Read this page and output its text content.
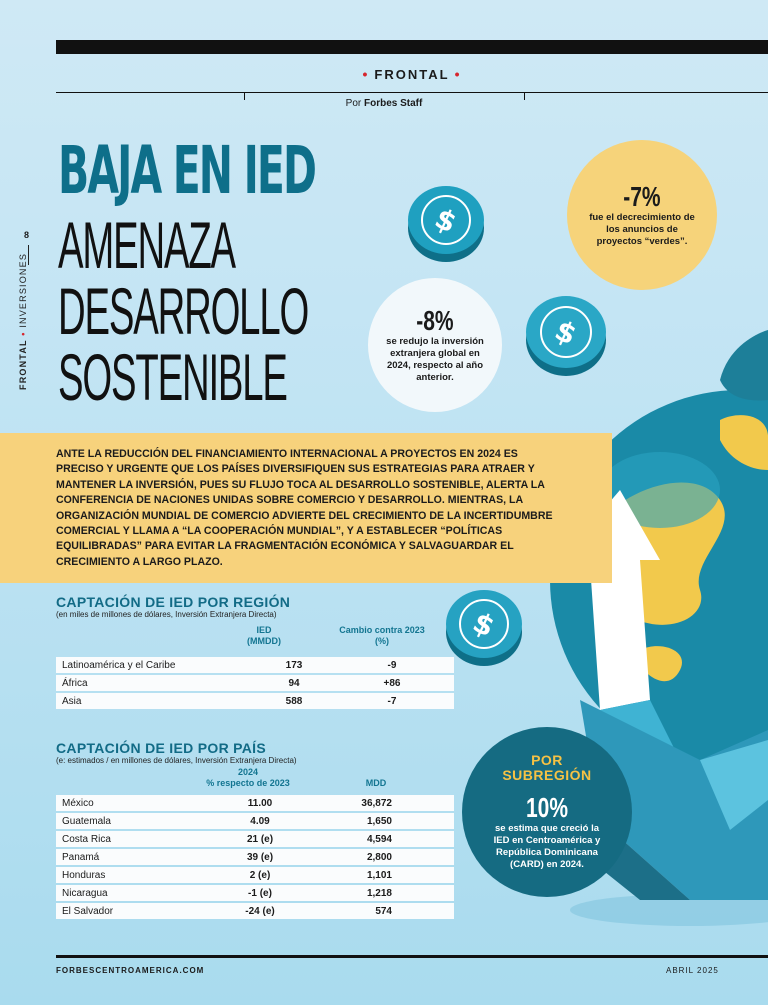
$
$
$
• FRONTAL •
Por Forbes Staff
8
FRONTAL • INVERSIONES
BAJA EN IED
AMENAZA
DESARROLLO
SOSTENIBLE
-7%
fue el decrecimiento de los anuncios de proyectos “verdes”.
-8%
se redujo la inversión extranjera global en 2024, respecto al año anterior.
POR
SUBREGIÓN
10%
se estima que creció la IED en Centroamérica y República Dominicana (CARD) en 2024.
ANTE LA REDUCCIÓN DEL FINANCIAMIENTO INTERNACIONAL A PROYECTOS EN 2024 ES PRECISO Y URGENTE QUE LOS PAÍSES DIVERSIFIQUEN SUS ESTRATEGIAS PARA ATRAER Y MANTENER LA INVERSIÓN, PUES SU FLUJO TOCA AL DESARROLLO SOSTENIBLE, ALERTA LA CONFERENCIA DE NACIONES UNIDAS SOBRE COMERCIO Y DESARROLLO. MIENTRAS, LA ORGANIZACIÓN MUNDIAL DE COMERCIO ADVIERTE DEL CRECIMIENTO DE LA INCERTIDUMBRE COMERCIAL Y LLAMA A “LA COOPERACIÓN MUNDIAL”, Y A ESTABLECER “POLÍTICAS EQUILIBRADAS” PARA EVITAR LA FRAGMENTACIÓN ECONÓMICA Y SALVAGUARDAR EL CRECIMIENTO A LARGO PLAZO.
CAPTACIÓN DE IED POR REGIÓN
(en miles de millones de dólares, Inversión Extranjera Directa)
IED
(MMDD)
Cambio contra 2023
(%)
Latinoamérica y el Caribe	173	-9
África	94	+86
Asia	588	-7
CAPTACIÓN DE IED POR PAÍS
(e: estimados / en millones de dólares, Inversión Extranjera Directa)
2024
% respecto de 2023	MDD
México	11.00	36,872
Guatemala	4.09	1,650
Costa Rica	21 (e)	4,594
Panamá	39 (e)	2,800
Honduras	2 (e)	1,101
Nicaragua	-1 (e)	1,218
El Salvador	-24 (e)	574
FORBESCENTROAMERICA.COM	ABRIL 2025
